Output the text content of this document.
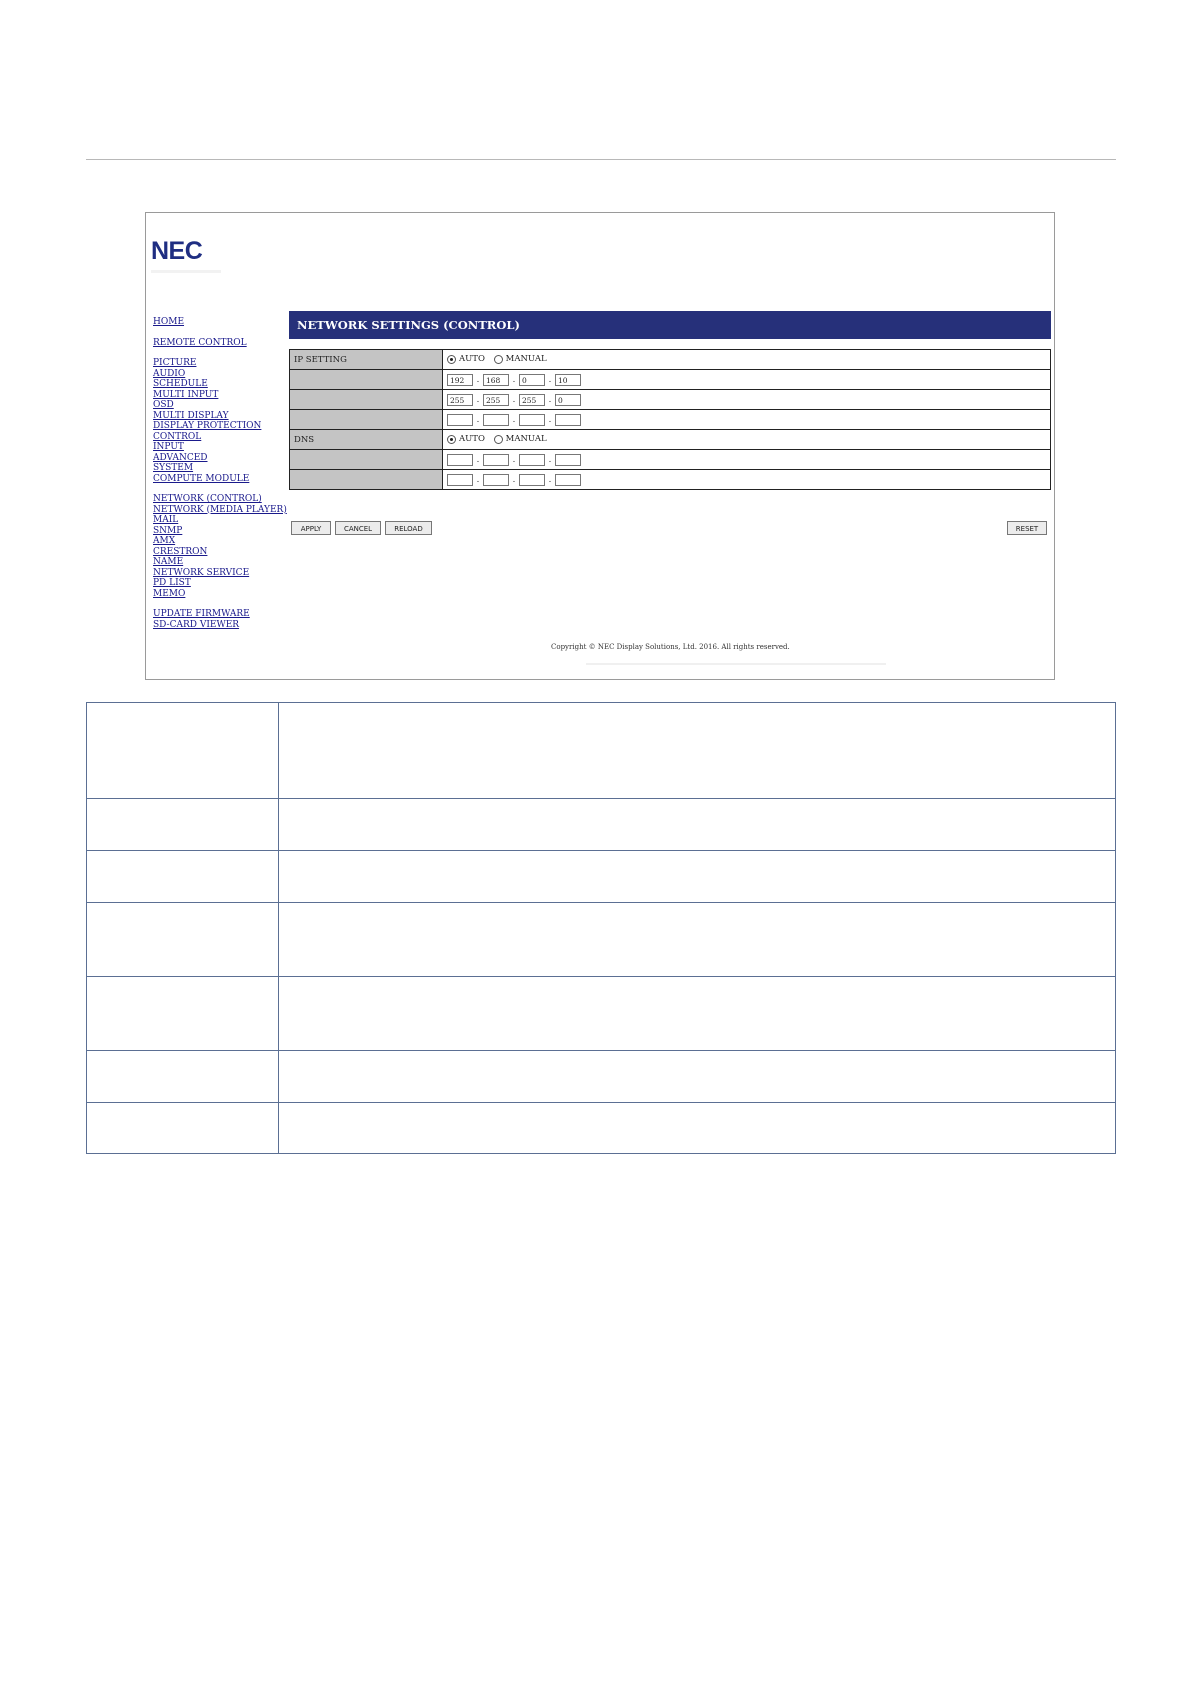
NEC
HOME
REMOTE CONTROL
PICTURE
AUDIO
SCHEDULE
MULTI INPUT
OSD
MULTI DISPLAY
DISPLAY PROTECTION
CONTROL
INPUT
ADVANCED
SYSTEM
COMPUTE MODULE
NETWORK (CONTROL)
NETWORK (MEDIA PLAYER)
MAIL
SNMP
AMX
CRESTRON
NAME
NETWORK SERVICE
PD LIST
MEMO
UPDATE FIRMWARE
SD-CARD VIEWER
NETWORK SETTINGS (CONTROL)
IP SETTING	AUTO MANUAL
	192 . 168 . 0 . 10
	255 . 255 . 255 . 0
	. . .
DNS	AUTO MANUAL
	. . .
	. . .
APPLY	CANCEL	RELOAD	RESET
Copyright © NEC Display Solutions, Ltd. 2016. All rights reserved.
